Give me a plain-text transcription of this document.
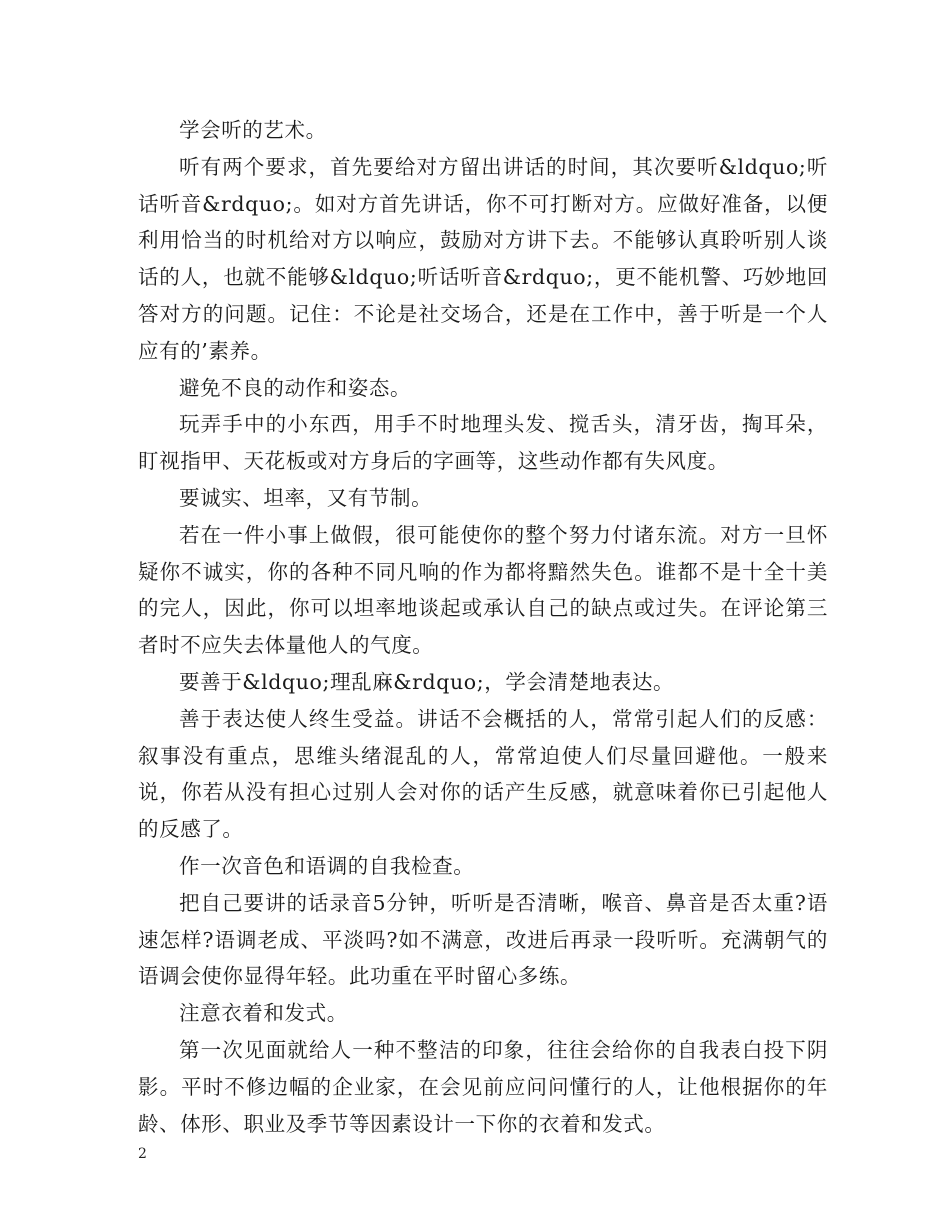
学会听的艺术。

听有两个要求，首先要给对方留出讲话的时间，其次要听&ldquo;听话听音&rdquo;。如对方首先讲话，你不可打断对方。应做好准备，以便利用恰当的时机给对方以响应，鼓励对方讲下去。不能够认真聆听别人谈话的人，也就不能够&ldquo;听话听音&rdquo;，更不能机警、巧妙地回答对方的问题。记住：不论是社交场合，还是在工作中，善于听是一个人应有的’素养。

避免不良的动作和姿态。

玩弄手中的小东西，用手不时地理头发、搅舌头，清牙齿，掏耳朵，盯视指甲、天花板或对方身后的字画等，这些动作都有失风度。

要诚实、坦率，又有节制。

若在一件小事上做假，很可能使你的整个努力付诸东流。对方一旦怀疑你不诚实，你的各种不同凡响的作为都将黯然失色。谁都不是十全十美的完人，因此，你可以坦率地谈起或承认自己的缺点或过失。在评论第三者时不应失去体量他人的气度。

要善于&ldquo;理乱麻&rdquo;，学会清楚地表达。

善于表达使人终生受益。讲话不会概括的人，常常引起人们的反感：叙事没有重点，思维头绪混乱的人，常常迫使人们尽量回避他。一般来说，你若从没有担心过别人会对你的话产生反感，就意味着你已引起他人的反感了。

作一次音色和语调的自我检查。

把自己要讲的话录音5分钟，听听是否清晰，喉音、鼻音是否太重?语速怎样?语调老成、平淡吗?如不满意，改进后再录一段听听。充满朝气的语调会使你显得年轻。此功重在平时留心多练。

注意衣着和发式。

第一次见面就给人一种不整洁的印象，往往会给你的自我表白投下阴影。平时不修边幅的企业家，在会见前应问问懂行的人，让他根据你的年龄、体形、职业及季节等因素设计一下你的衣着和发式。

2
